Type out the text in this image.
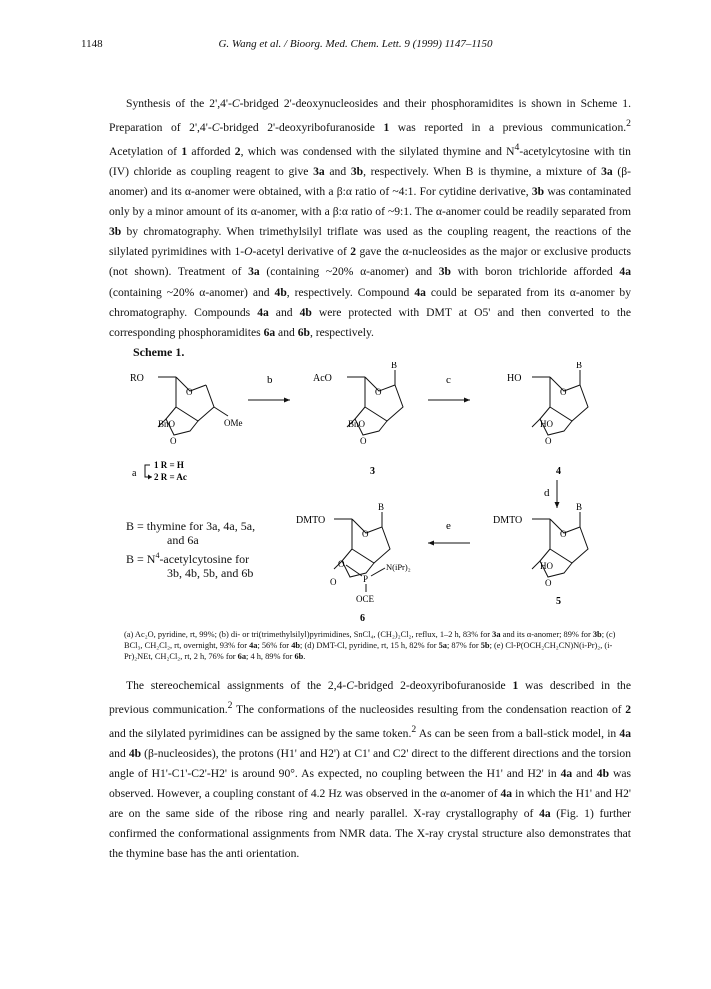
1148	G. Wang et al. / Bioorg. Med. Chem. Lett. 9 (1999) 1147–1150

Synthesis of the 2',4'-C-bridged 2'-deoxynucleosides and their phosphoramidites is shown in Scheme 1. Preparation of 2',4'-C-bridged 2'-deoxyribofuranoside 1 was reported in a previous communication.$^2$ Acetylation of 1 afforded 2, which was condensed with the silylated thymine and $N^4$-acetylcytosine with tin (IV) chloride as coupling reagent to give 3a and 3b, respectively. When B is thymine, a mixture of 3a (β-anomer) and its α-anomer were obtained, with a β:α ratio of ~4:1. For cytidine derivative, 3b was contaminated only by a minor amount of its α-anomer, with a β:α ratio of ~9:1. The α-anomer could be readily separated from 3b by chromatography. When trimethylsilyl triflate was used as the coupling reagent, the reactions of the silylated pyrimidines with 1-O-acetyl derivative of 2 gave the α-nucleosides as the major or exclusive products (not shown). Treatment of 3a (containing ~20% α-anomer) and 3b with boron trichloride afforded 4a (containing ~20% α-anomer) and 4b, respectively. Compound 4a could be separated from its α-anomer by chromatography. Compounds 4a and 4b were protected with DMT at O5' and then converted to the corresponding phosphoramidites 6a and 6b, respectively.

Scheme 1.
RO
O
OMe
BnO
O
b	AcO
O
B
BnO
O
3
c	HO
O
B
HO
O
4
a
1 R = H
2 R = Ac
d
DMTO
O
B
O
P
N(iPr)₂
OCE
O
6
e	DMTO
O
B
HO
O
5
B = thymine for 3a, 4a, 5a,
and 6a
$B = N^4$-acetylcytosine for
3b, 4b, 5b, and 6b

(a) Ac₂O, pyridine, rt, 99%; (b) di- or tri(trimethylsilyl)pyrimidines, SnCl₄, (CH₂)₂Cl₂, reflux, 1–2 h, 83% for 3a and its α-anomer; 89% for 3b; (c) BCl₃, CH₂Cl₂, rt, overnight, 93% for 4a; 56% for 4b; (d) DMT-Cl, pyridine, rt, 15 h, 82% for 5a; 87% for 5b; (e) Cl-P(OCH₂CH₂CN)N(i-Pr)₂, (i-Pr)₂NEt, CH₂Cl₂, rt, 2 h, 76% for 6a; 4 h, 89% for 6b.

The stereochemical assignments of the 2,4-C-bridged 2-deoxyribofuranoside 1 was described in the previous communication.$^2$ The conformations of the nucleosides resulting from the condensation reaction of 2 and the silylated pyrimidines can be assigned by the same token.$^2$ As can be seen from a ball-stick model, in 4a and 4b (β-nucleosides), the protons (H1' and H2') at C1' and C2' direct to the different directions and the torsion angle of H1'-C1'-C2'-H2' is around 90°. As expected, no coupling between the H1' and H2' in 4a and 4b was observed. However, a coupling constant of 4.2 Hz was observed in the α-anomer of 4a in which the H1' and H2' are on the same side of the ribose ring and nearly parallel. X-ray crystallography of 4a (Fig. 1) further confirmed the conformational assignments from NMR data. The X-ray crystal structure also demonstrates that the thymine base has the anti orientation.
